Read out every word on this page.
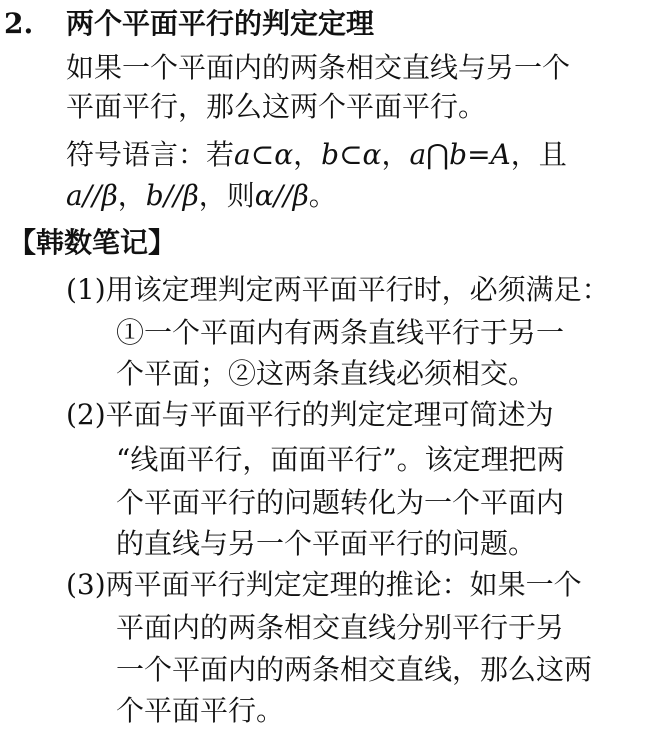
2. 两个平面平行的判定定理
如果一个平面内的两条相交直线与另一个
平面平行，那么这两个平面平行。
符号语言：若a⊂α，b⊂α，a⋂b=A，且
a//β，b//β，则α//β。
【韩数笔记】
(1)用该定理判定两平面平行时，必须满足：
①一个平面内有两条直线平行于另一
个平面；②这两条直线必须相交。
(2)平面与平面平行的判定定理可简述为
“线面平行，面面平行”。该定理把两
个平面平行的问题转化为一个平面内
的直线与另一个平面平行的问题。
(3)两平面平行判定定理的推论：如果一个
平面内的两条相交直线分别平行于另
一个平面内的两条相交直线，那么这两
个平面平行。
